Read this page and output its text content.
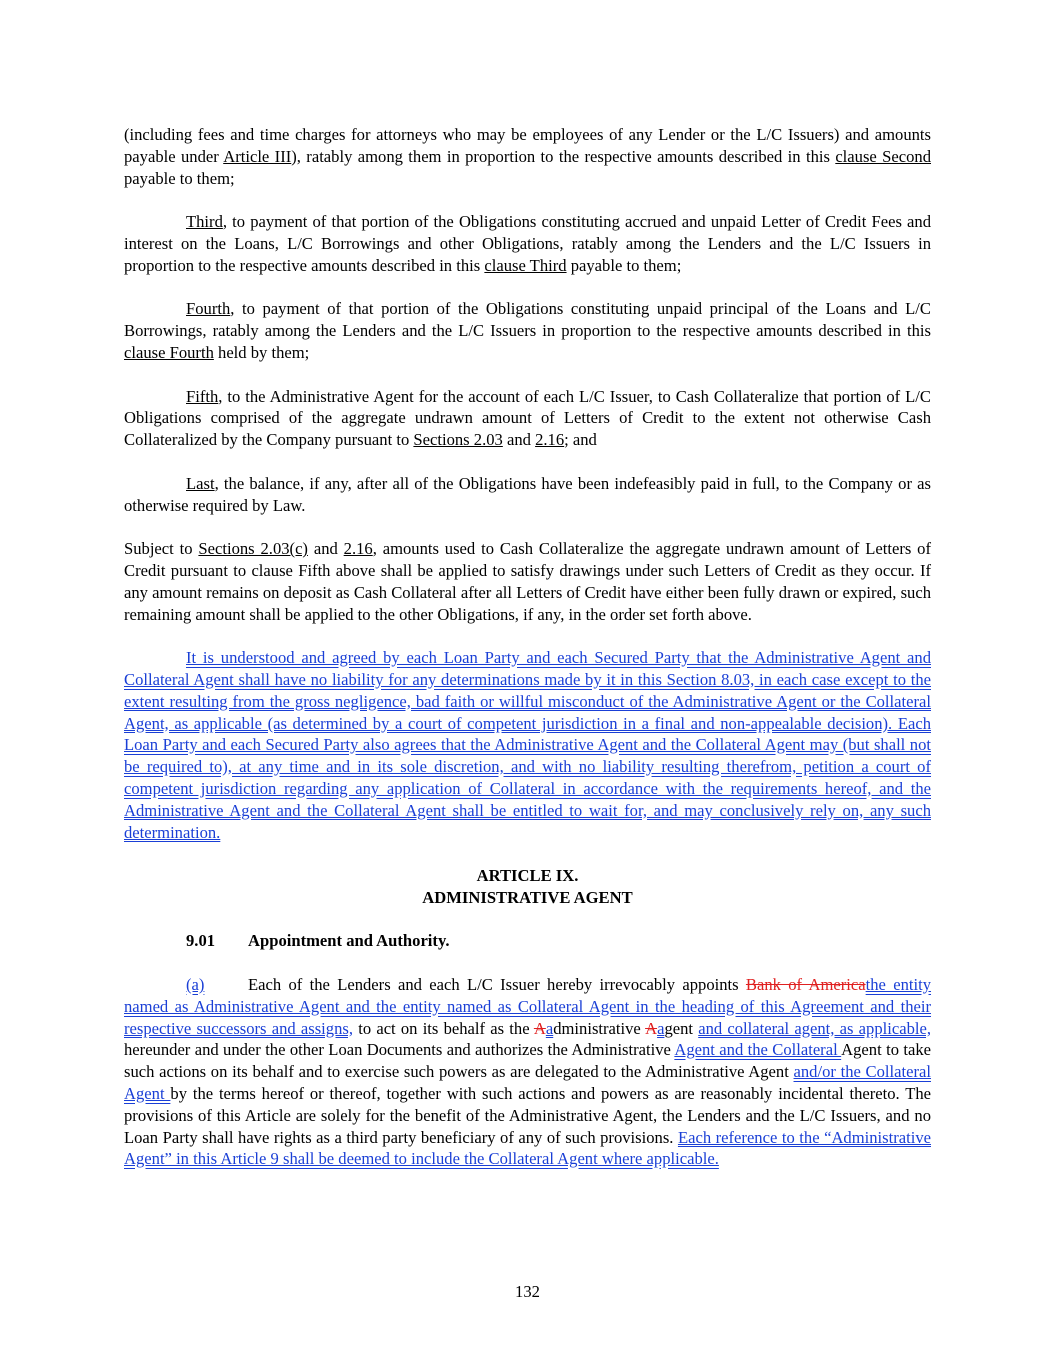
(including fees and time charges for attorneys who may be employees of any Lender or the L/C Issuers) and amounts payable under Article III), ratably among them in proportion to the respective amounts described in this clause Second payable to them;

Third, to payment of that portion of the Obligations constituting accrued and unpaid Letter of Credit Fees and interest on the Loans, L/C Borrowings and other Obligations, ratably among the Lenders and the L/C Issuers in proportion to the respective amounts described in this clause Third payable to them;

Fourth, to payment of that portion of the Obligations constituting unpaid principal of the Loans and L/C Borrowings, ratably among the Lenders and the L/C Issuers in proportion to the respective amounts described in this clause Fourth held by them;

Fifth, to the Administrative Agent for the account of each L/C Issuer, to Cash Collateralize that portion of L/C Obligations comprised of the aggregate undrawn amount of Letters of Credit to the extent not otherwise Cash Collateralized by the Company pursuant to Sections 2.03 and 2.16; and

Last, the balance, if any, after all of the Obligations have been indefeasibly paid in full, to the Company or as otherwise required by Law.

Subject to Sections 2.03(c) and 2.16, amounts used to Cash Collateralize the aggregate undrawn amount of Letters of Credit pursuant to clause Fifth above shall be applied to satisfy drawings under such Letters of Credit as they occur. If any amount remains on deposit as Cash Collateral after all Letters of Credit have either been fully drawn or expired, such remaining amount shall be applied to the other Obligations, if any, in the order set forth above.

It is understood and agreed by each Loan Party and each Secured Party that the Administrative Agent and Collateral Agent shall have no liability for any determinations made by it in this Section 8.03, in each case except to the extent resulting from the gross negligence, bad faith or willful misconduct of the Administrative Agent or the Collateral Agent, as applicable (as determined by a court of competent jurisdiction in a final and non-appealable decision). Each Loan Party and each Secured Party also agrees that the Administrative Agent and the Collateral Agent may (but shall not be required to), at any time and in its sole discretion, and with no liability resulting therefrom, petition a court of competent jurisdiction regarding any application of Collateral in accordance with the requirements hereof, and the Administrative Agent and the Collateral Agent shall be entitled to wait for, and may conclusively rely on, any such determination.

ARTICLE IX.
ADMINISTRATIVE AGENT
9.01 Appointment and Authority.

(a)	Each of the Lenders and each L/C Issuer hereby irrevocably appoints Bank of Americathe entity named as Administrative Agent and the entity named as Collateral Agent in the heading of this Agreement and their respective successors and assigns, to act on its behalf as the Aadministrative Aagent and collateral agent, as applicable, hereunder and under the other Loan Documents and authorizes the Administrative Agent and the Collateral Agent to take such actions on its behalf and to exercise such powers as are delegated to the Administrative Agent and/or the Collateral Agent by the terms hereof or thereof, together with such actions and powers as are reasonably incidental thereto. The provisions of this Article are solely for the benefit of the Administrative Agent, the Lenders and the L/C Issuers, and no Loan Party shall have rights as a third party beneficiary of any of such provisions. Each reference to the “Administrative Agent” in this Article 9 shall be deemed to include the Collateral Agent where applicable.

132
